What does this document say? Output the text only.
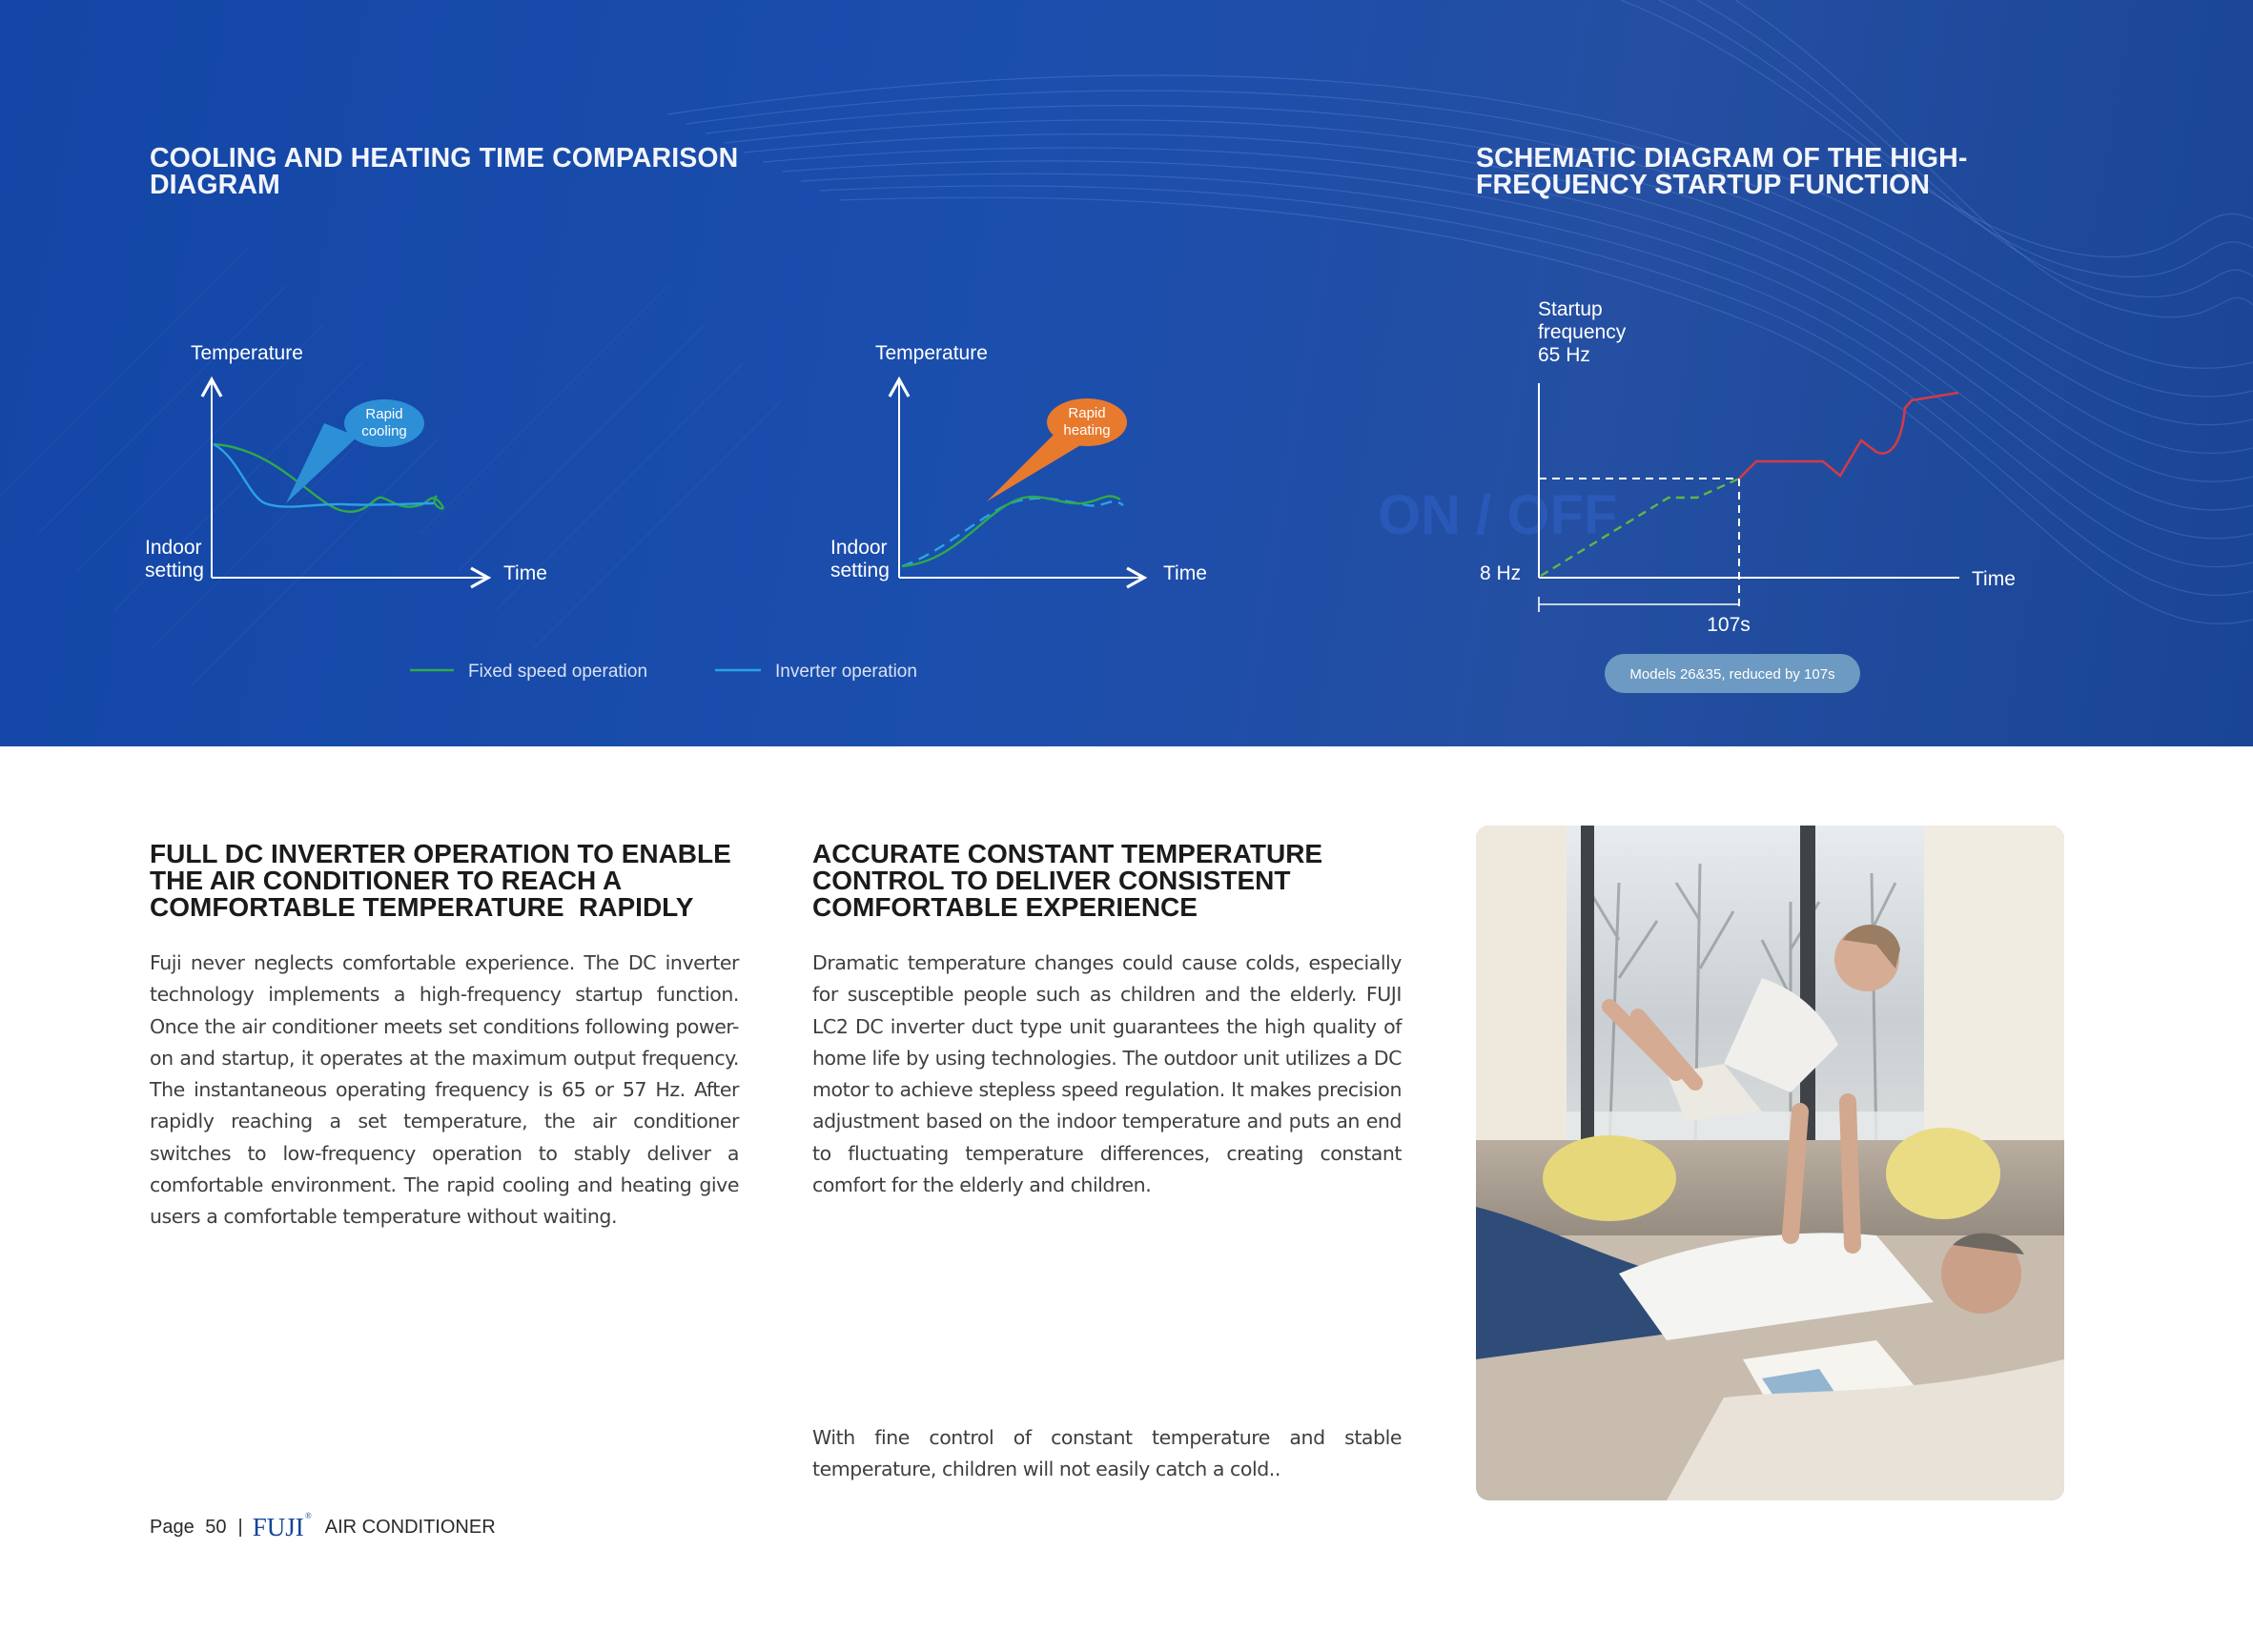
COOLING AND HEATING TIME COMPARISON DIAGRAM
SCHEMATIC DIAGRAM OF THE HIGH-FREQUENCY STARTUP FUNCTION
Temperature
Time
Indoor
setting
Rapid
cooling
Temperature
Time
Indoor
setting
Rapid
heating
Fixed speed operation	Inverter operation
ON / OFF
Startup
frequency
65 Hz
8 Hz	Time
107s
Models 26&35, reduced by 107s
FULL DC INVERTER OPERATION TO ENABLE
THE AIR CONDITIONER TO REACH A
COMFORTABLE TEMPERATURE  RAPIDLY

Fuji never neglects comfortable experience. The DC inverter technology implements a high-frequency startup function. Once the air conditioner meets set conditions following power-on and startup, it operates at the maximum output frequency. The instantaneous operating frequency is 65 or 57 Hz. After rapidly reaching a set temperature, the air conditioner switches to low-frequency operation to stably deliver a comfortable environment. The rapid cooling and heating give users a comfortable temperature without waiting.

ACCURATE CONSTANT TEMPERATURE
CONTROL TO DELIVER CONSISTENT
COMFORTABLE EXPERIENCE

Dramatic temperature changes could cause colds, especially for susceptible people such as children and the elderly. FUJI LC2 DC inverter duct type unit guarantees the high quality of home life by using technologies. The outdoor unit utilizes a DC motor to achieve stepless speed regulation. It makes precision adjustment based on the indoor temperature and puts an end to fluctuating temperature differences, creating constant comfort for the elderly and children.

With fine control of constant temperature and stable temperature, children will not easily catch a cold..

Page
50 | FUJI ®
AIR CONDITIONER
